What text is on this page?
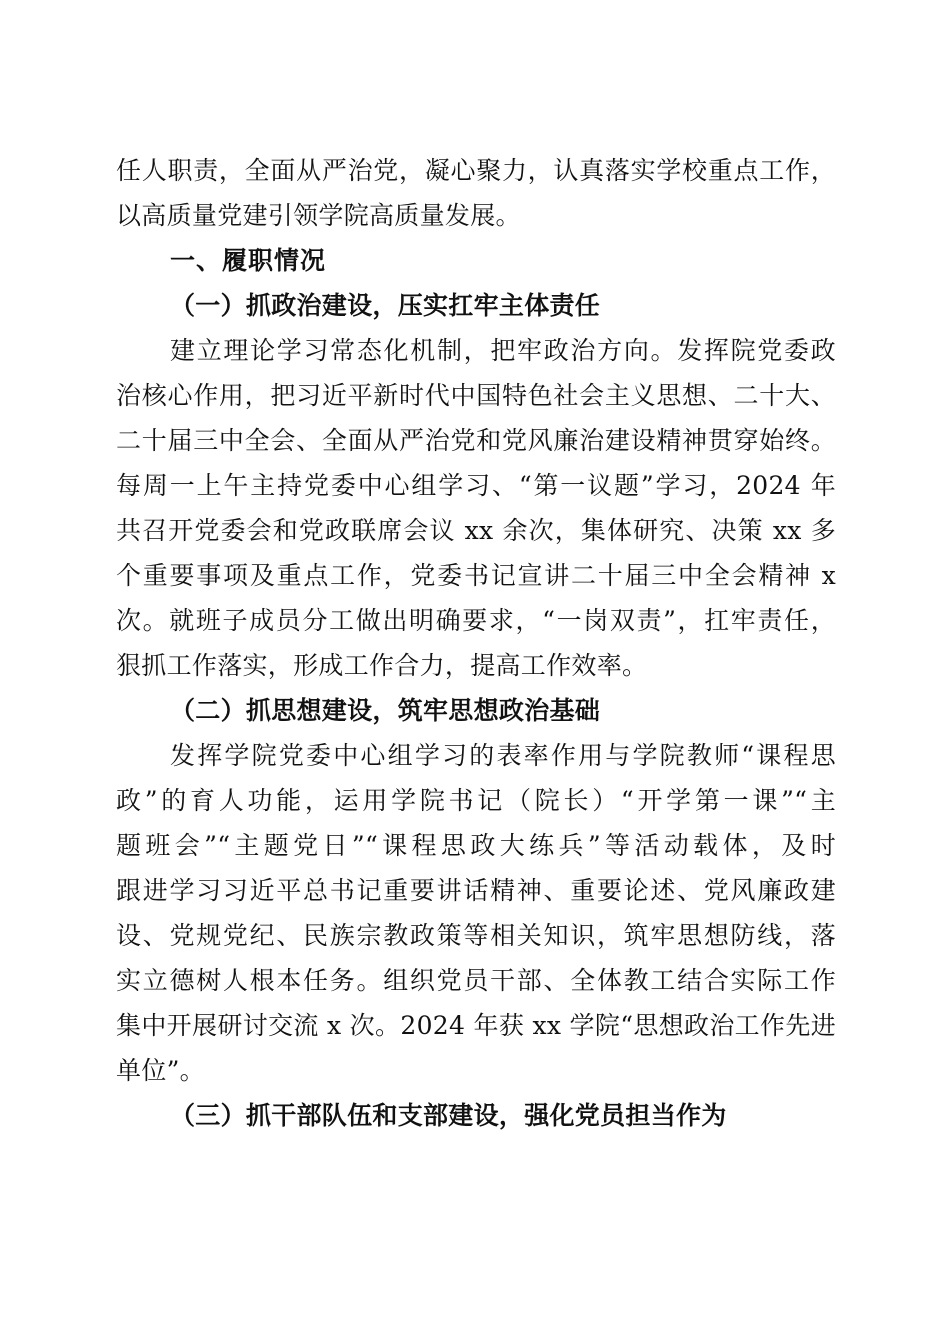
任人职责，全面从严治党，凝心聚力，认真落实学校重点工作，
以高质量党建引领学院高质量发展。
一、履职情况
（一）抓政治建设，压实扛牢主体责任
建立理论学习常态化机制，把牢政治方向。发挥院党委政
治核心作用，把习近平新时代中国特色社会主义思想、二十大、
二十届三中全会、全面从严治党和党风廉治建设精神贯穿始终。
每周一上午主持党委中心组学习、“第一议题”学习，2024 年
共召开党委会和党政联席会议 xx 余次，集体研究、决策 xx 多
个重要事项及重点工作，党委书记宣讲二十届三中全会精神 x
次。就班子成员分工做出明确要求，“一岗双责”，扛牢责任，
狠抓工作落实，形成工作合力，提高工作效率。
（二）抓思想建设，筑牢思想政治基础
发挥学院党委中心组学习的表率作用与学院教师“课程思
政”的育人功能，运用学院书记（院长）“开学第一课”“主
题班会”“主题党日”“课程思政大练兵”等活动载体，及时
跟进学习习近平总书记重要讲话精神、重要论述、党风廉政建
设、党规党纪、民族宗教政策等相关知识，筑牢思想防线，落
实立德树人根本任务。组织党员干部、全体教工结合实际工作
集中开展研讨交流 x 次。2024 年获 xx 学院“思想政治工作先进
单位”。
（三）抓干部队伍和支部建设，强化党员担当作为
